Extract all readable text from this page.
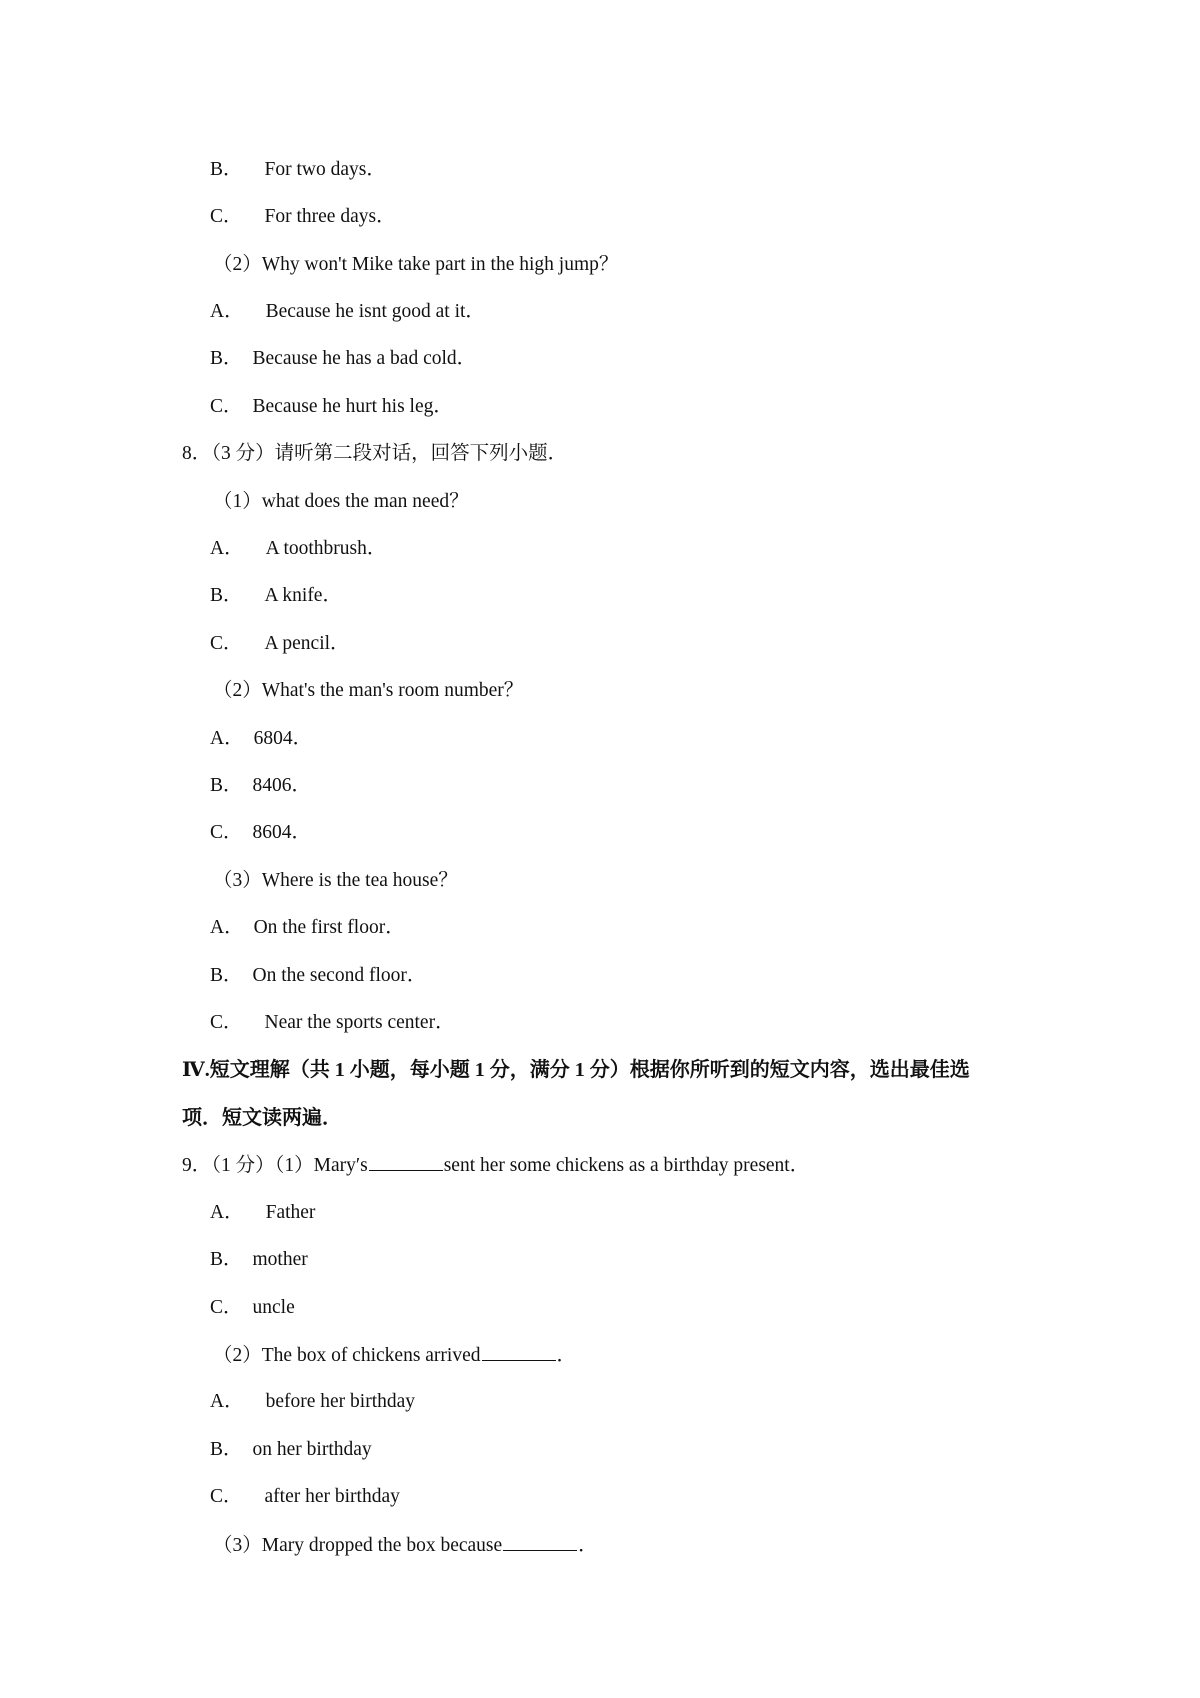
B． For two days．
C． For three days．
（2）Why won't Mike take part in the high jump？
A． Because he isnt good at it．
B． Because he has a bad cold．
C． Because he hurt his leg．
8．（3 分）请听第二段对话，回答下列小题．
（1）what does the man need？
A． A toothbrush．
B． A knife．
C． A pencil．
（2）What's the man's room number？
A． 6804．
B． 8406．
C． 8604．
（3）Where is the tea house？
A． On the first floor．
B． On the second floor．
C． Near the sports center．
Ⅳ.短文理解（共 1 小题，每小题 1 分，满分 1 分）根据你所听到的短文内容，选出最佳选
项．短文读两遍．
9．（1 分）（1）Mary′s	sent her some chickens as a birthday present．
A． Father
B． mother
C． uncle
（2）The box of chickens arrived	．
A． before her birthday
B． on her birthday
C． after her birthday
（3）Mary dropped the box because	．
